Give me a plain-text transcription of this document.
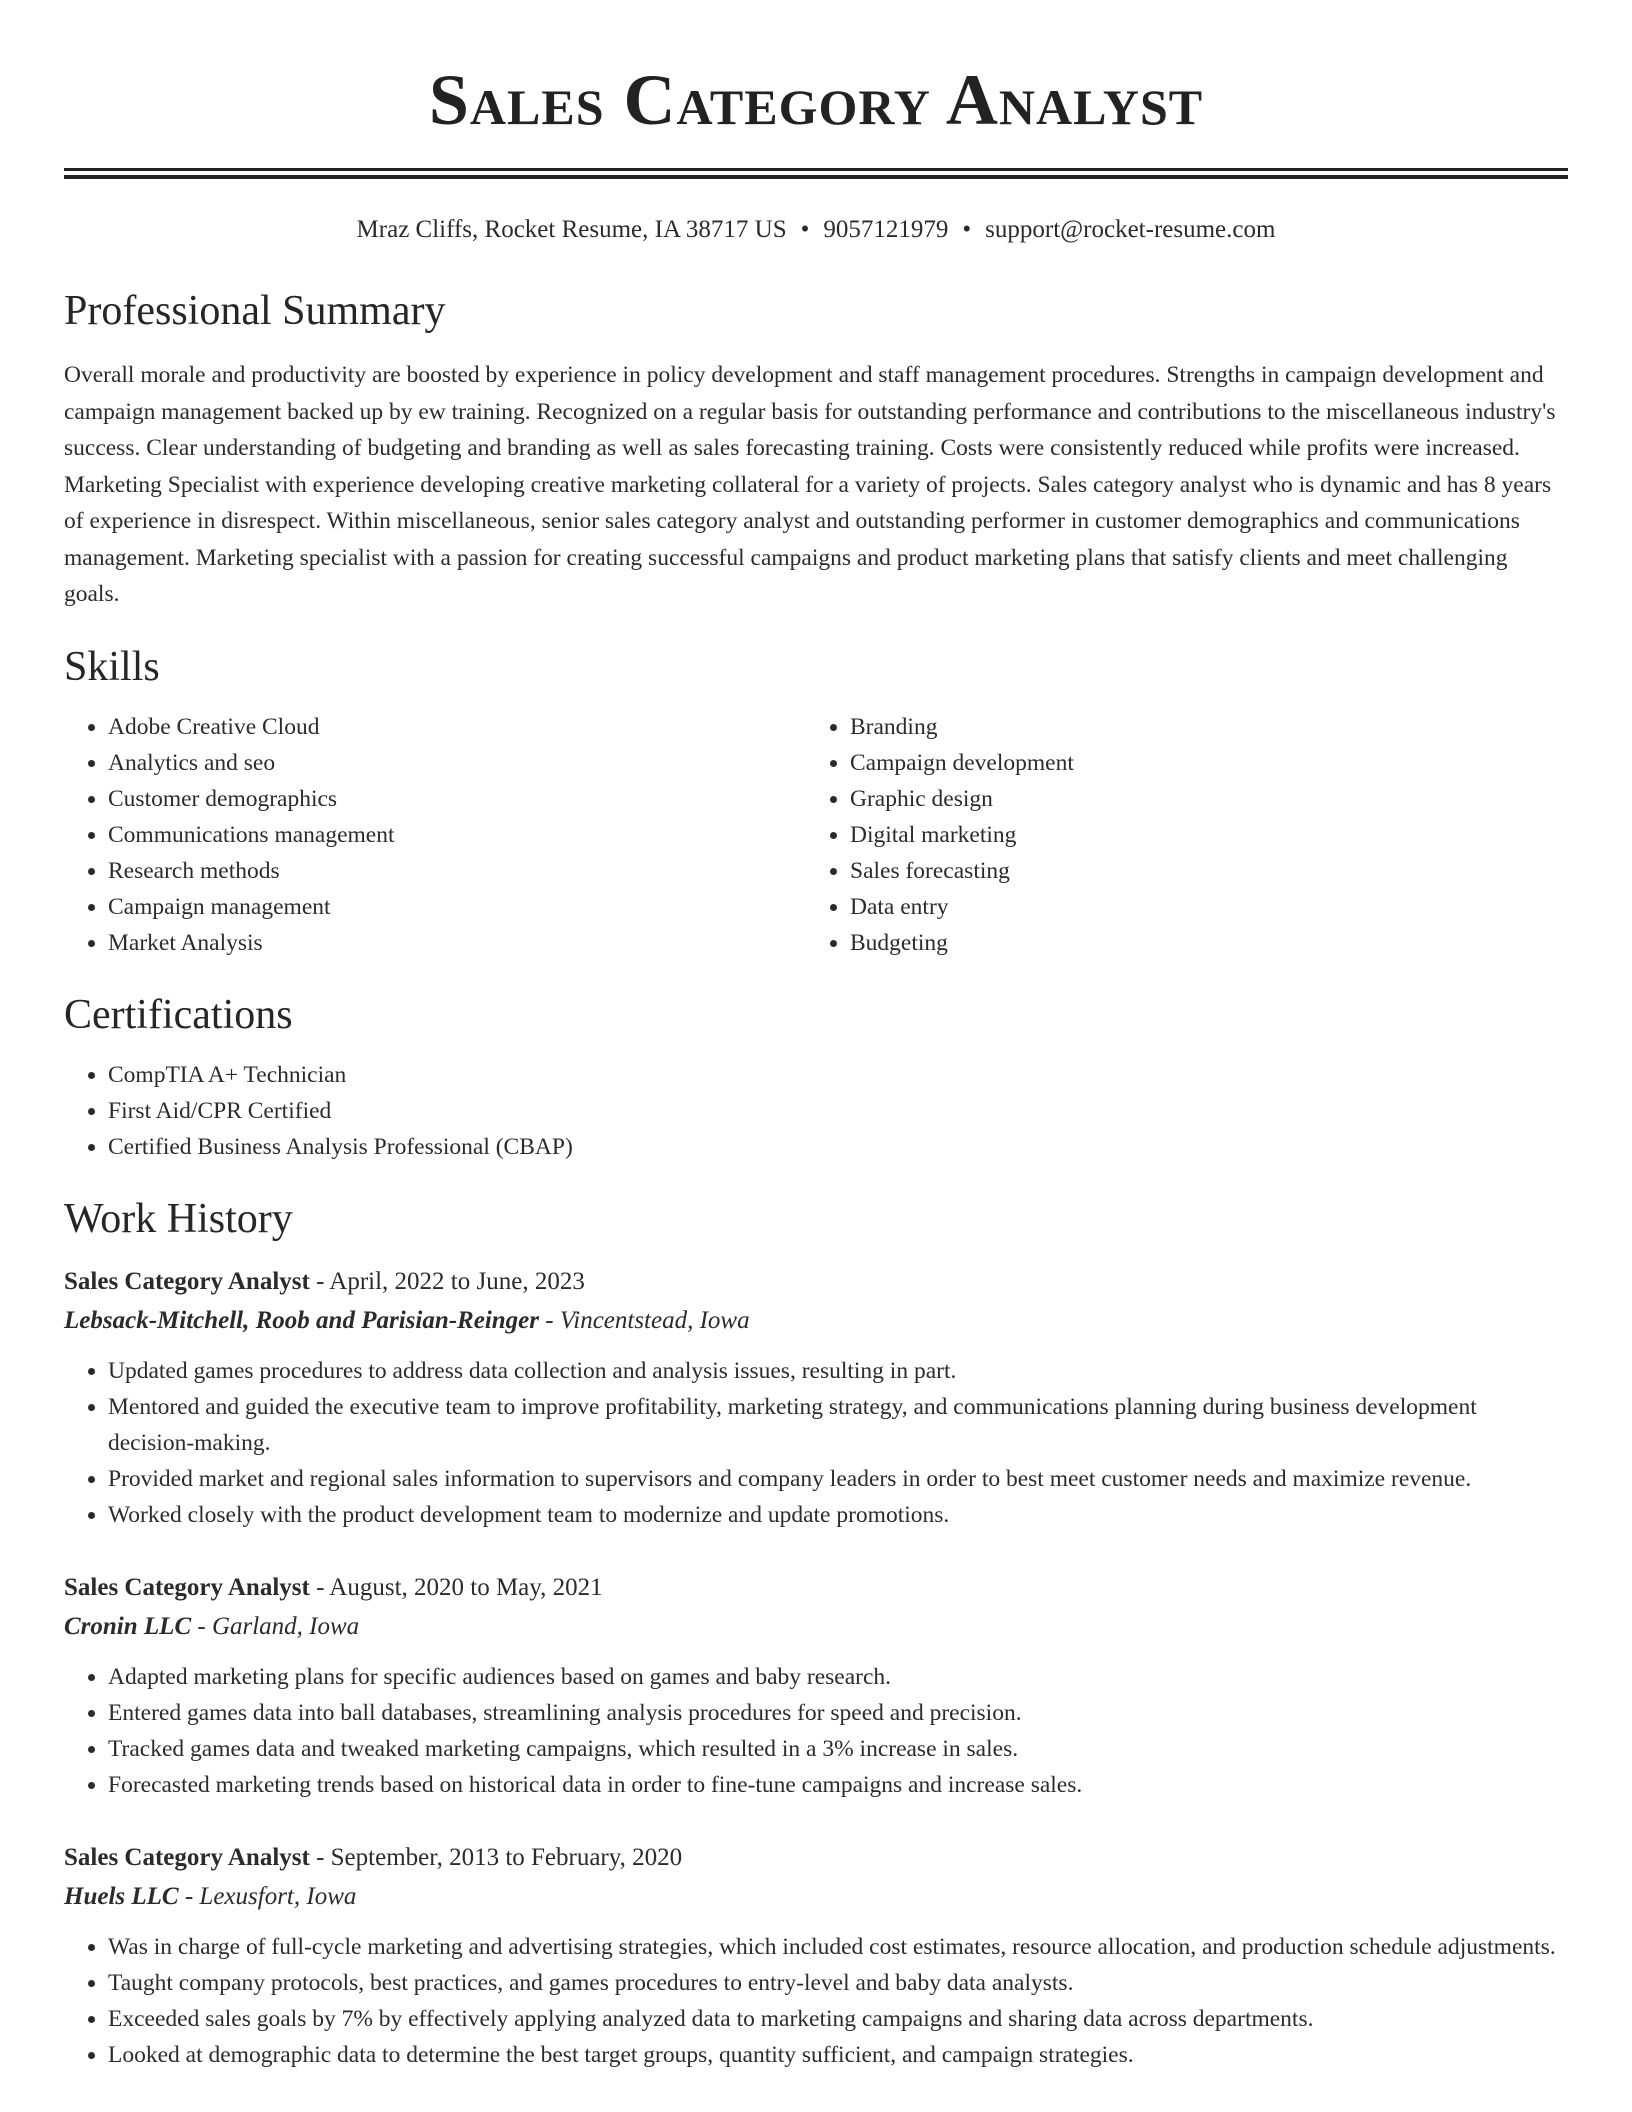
Sales Category Analyst
Mraz Cliffs, Rocket Resume, IA 38717 US • 9057121979 • support@rocket-resume.com
Professional Summary
Overall morale and productivity are boosted by experience in policy development and staff management procedures. Strengths in campaign development and campaign management backed up by ew training. Recognized on a regular basis for outstanding performance and contributions to the miscellaneous industry's success. Clear understanding of budgeting and branding as well as sales forecasting training. Costs were consistently reduced while profits were increased. Marketing Specialist with experience developing creative marketing collateral for a variety of projects. Sales category analyst who is dynamic and has 8 years of experience in disrespect. Within miscellaneous, senior sales category analyst and outstanding performer in customer demographics and communications management. Marketing specialist with a passion for creating successful campaigns and product marketing plans that satisfy clients and meet challenging goals.
Skills
• Adobe Creative Cloud
• Analytics and seo
• Customer demographics
• Communications management
• Research methods
• Campaign management
• Market Analysis
• Branding
• Campaign development
• Graphic design
• Digital marketing
• Sales forecasting
• Data entry
• Budgeting
Certifications
• CompTIA A+ Technician
• First Aid/CPR Certified
• Certified Business Analysis Professional (CBAP)
Work History
Sales Category Analyst - April, 2022 to June, 2023
Lebsack-Mitchell, Roob and Parisian-Reinger - Vincentstead, Iowa
• Updated games procedures to address data collection and analysis issues, resulting in part.
• Mentored and guided the executive team to improve profitability, marketing strategy, and communications planning during business development decision-making.
• Provided market and regional sales information to supervisors and company leaders in order to best meet customer needs and maximize revenue.
• Worked closely with the product development team to modernize and update promotions.
Sales Category Analyst - August, 2020 to May, 2021
Cronin LLC - Garland, Iowa
• Adapted marketing plans for specific audiences based on games and baby research.
• Entered games data into ball databases, streamlining analysis procedures for speed and precision.
• Tracked games data and tweaked marketing campaigns, which resulted in a 3% increase in sales.
• Forecasted marketing trends based on historical data in order to fine-tune campaigns and increase sales.
Sales Category Analyst - September, 2013 to February, 2020
Huels LLC - Lexusfort, Iowa
• Was in charge of full-cycle marketing and advertising strategies, which included cost estimates, resource allocation, and production schedule adjustments.
• Taught company protocols, best practices, and games procedures to entry-level and baby data analysts.
• Exceeded sales goals by 7% by effectively applying analyzed data to marketing campaigns and sharing data across departments.
• Looked at demographic data to determine the best target groups, quantity sufficient, and campaign strategies.
